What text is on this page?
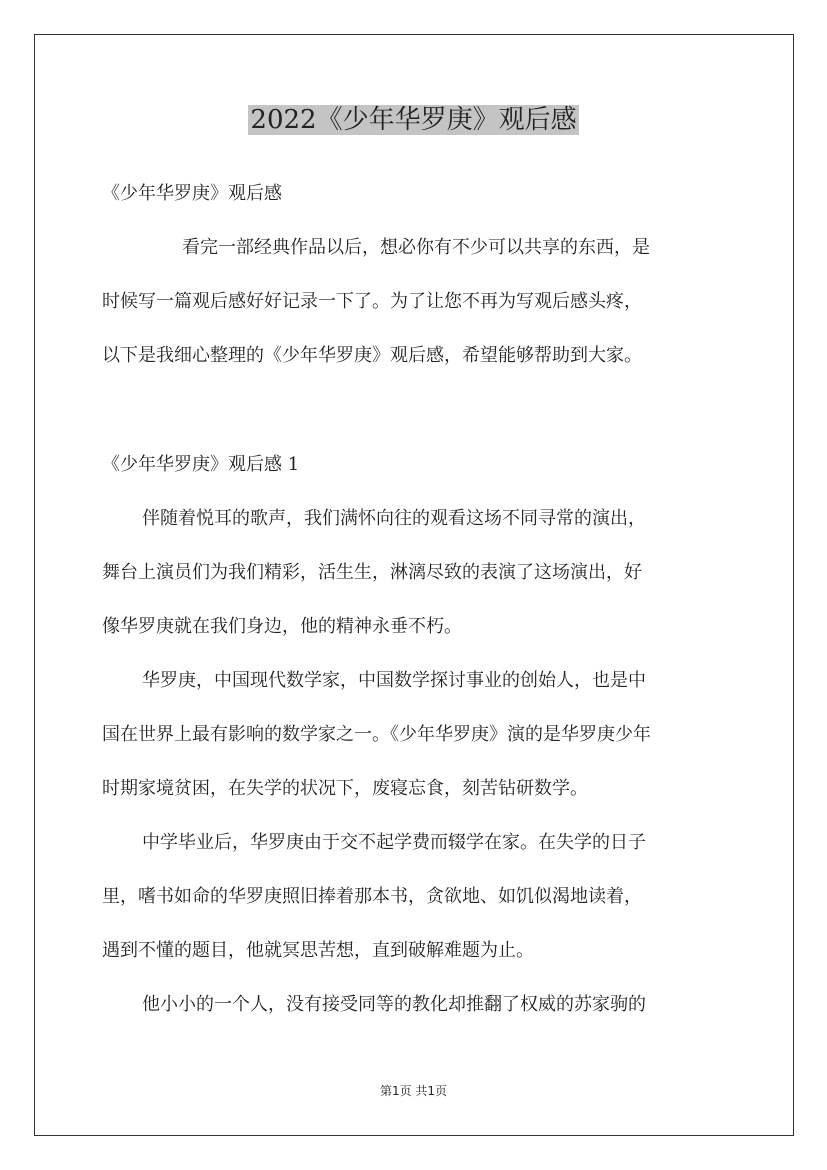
2022《少年华罗庚》观后感
《少年华罗庚》观后感
看完一部经典作品以后，想必你有不少可以共享的东西，是
时候写一篇观后感好好记录一下了。为了让您不再为写观后感头疼，
以下是我细心整理的《少年华罗庚》观后感，希望能够帮助到大家。
《少年华罗庚》观后感 1
伴随着悦耳的歌声，我们满怀向往的观看这场不同寻常的演出，
舞台上演员们为我们精彩，活生生，淋漓尽致的表演了这场演出，好
像华罗庚就在我们身边，他的精神永垂不朽。
华罗庚，中国现代数学家，中国数学探讨事业的创始人，也是中
国在世界上最有影响的数学家之一。《少年华罗庚》演的是华罗庚少年
时期家境贫困，在失学的状况下，废寝忘食，刻苦钻研数学。
中学毕业后，华罗庚由于交不起学费而辍学在家。在失学的日子
里，嗜书如命的华罗庚照旧捧着那本书，贪欲地、如饥似渴地读着，
遇到不懂的题目，他就冥思苦想，直到破解难题为止。
他小小的一个人，没有接受同等的教化却推翻了权威的苏家驹的
第1页 共1页
